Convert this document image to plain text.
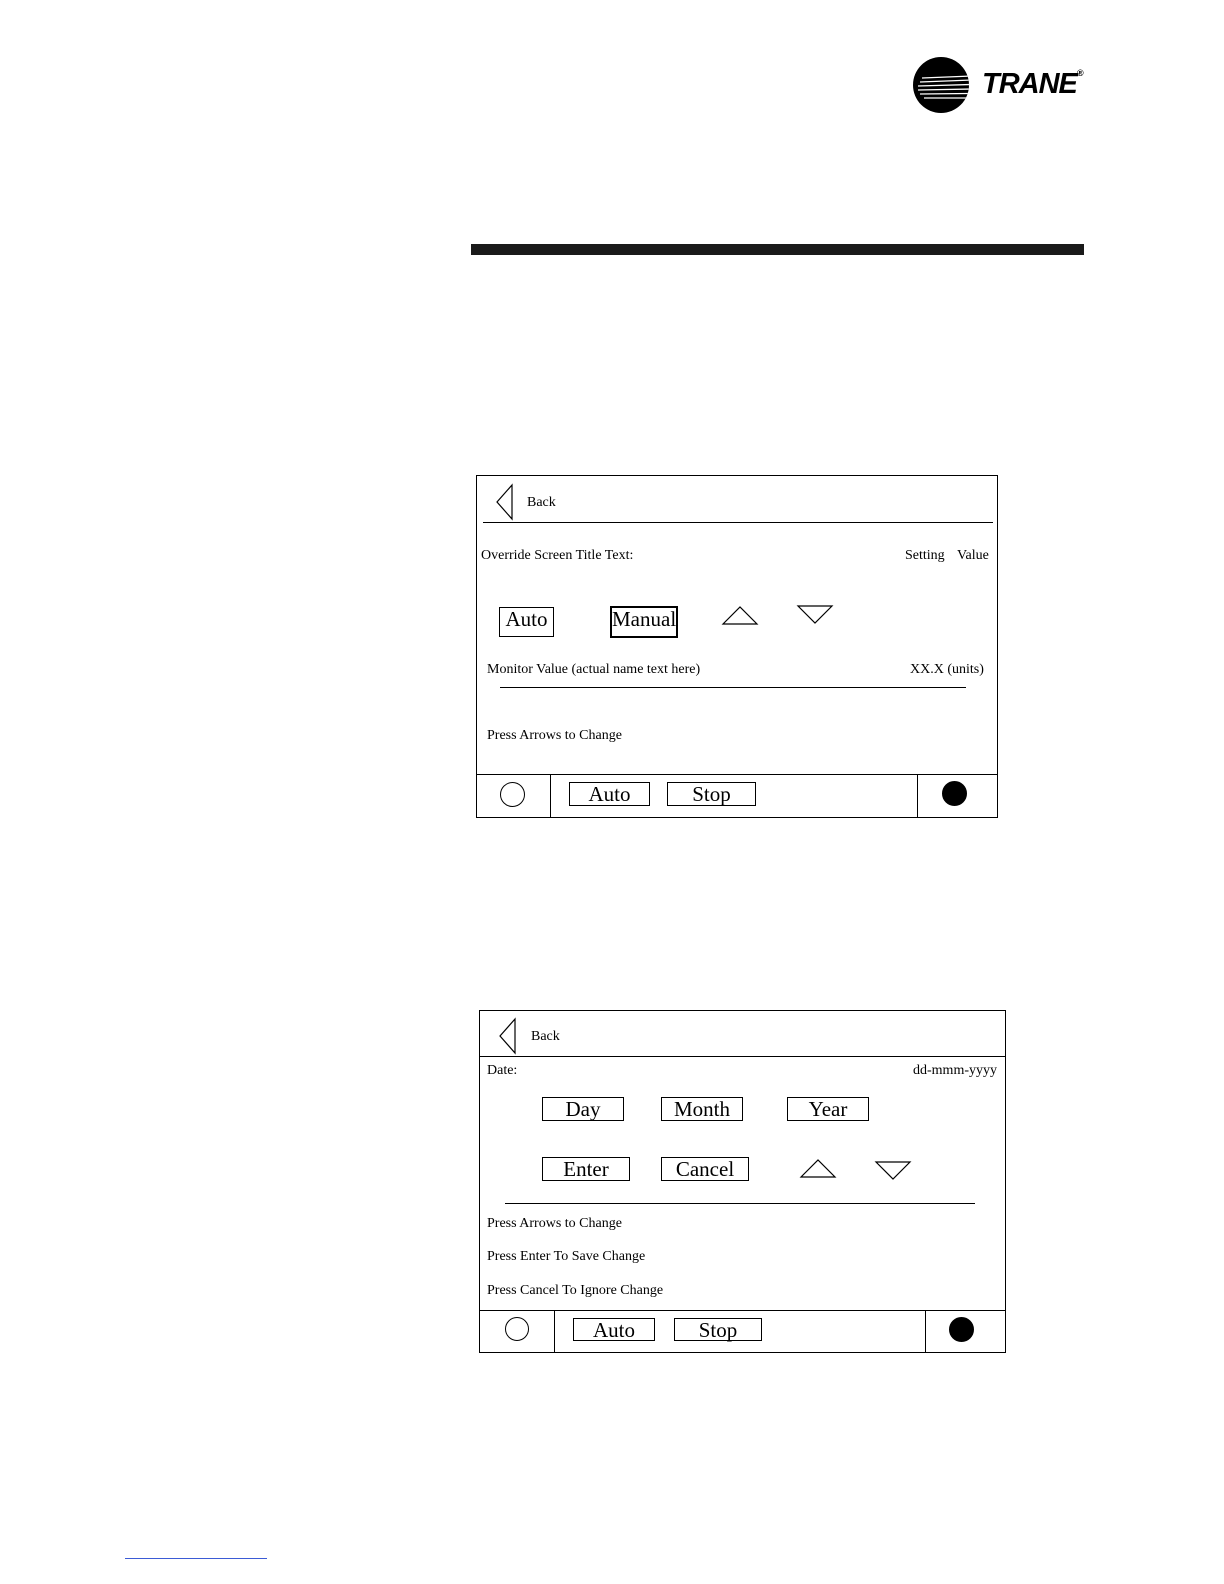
TRANE®
Back
Override Screen Title Text:	Setting Value
Auto	Manual
Monitor Value (actual name text here)	XX.X (units)
Press Arrows to Change
Auto	Stop
Back
Date:	dd-mmm-yyyy
Day	Month	Year
Enter	Cancel
Press Arrows to Change
Press Enter To Save Change
Press Cancel To Ignore Change
Auto	Stop
